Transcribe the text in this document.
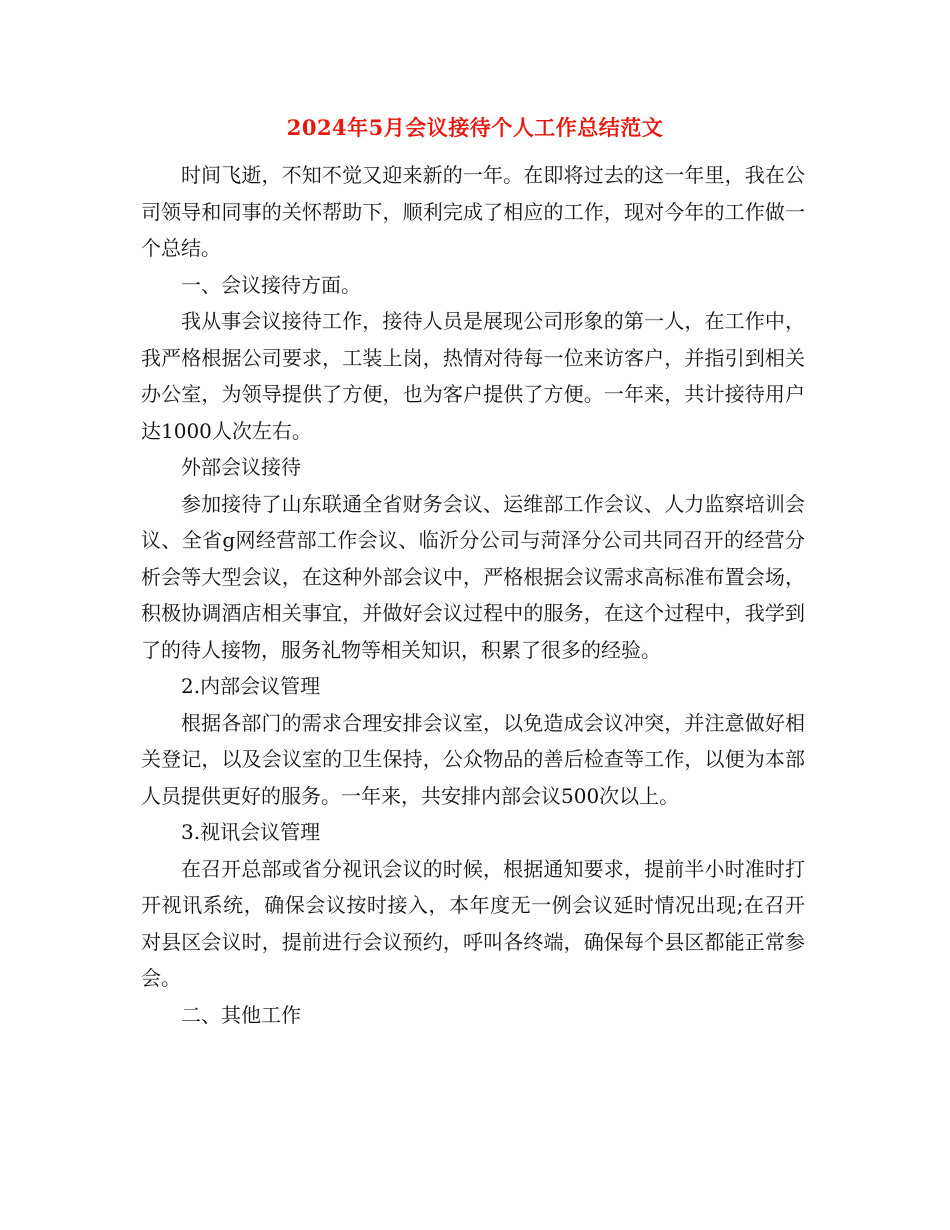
2024年5月会议接待个人工作总结范文

时间飞逝，不知不觉又迎来新的一年。在即将过去的这一年里，我在公司领导和同事的关怀帮助下，顺利完成了相应的工作，现对今年的工作做一个总结。

一、会议接待方面。

我从事会议接待工作，接待人员是展现公司形象的第一人，在工作中，我严格根据公司要求，工装上岗，热情对待每一位来访客户，并指引到相关办公室，为领导提供了方便，也为客户提供了方便。一年来，共计接待用户达1000人次左右。

外部会议接待

参加接待了山东联通全省财务会议、运维部工作会议、人力监察培训会议、全省g网经营部工作会议、临沂分公司与菏泽分公司共同召开的经营分析会等大型会议，在这种外部会议中，严格根据会议需求高标准布置会场，积极协调酒店相关事宜，并做好会议过程中的服务，在这个过程中，我学到了的待人接物，服务礼物等相关知识，积累了很多的经验。

2.内部会议管理

根据各部门的需求合理安排会议室，以免造成会议冲突，并注意做好相关登记，以及会议室的卫生保持，公众物品的善后检查等工作，以便为本部人员提供更好的服务。一年来，共安排内部会议500次以上。

3.视讯会议管理

在召开总部或省分视讯会议的时候，根据通知要求，提前半小时准时打开视讯系统，确保会议按时接入，本年度无一例会议延时情况出现;在召开对县区会议时，提前进行会议预约，呼叫各终端，确保每个县区都能正常参会。

二、其他工作
